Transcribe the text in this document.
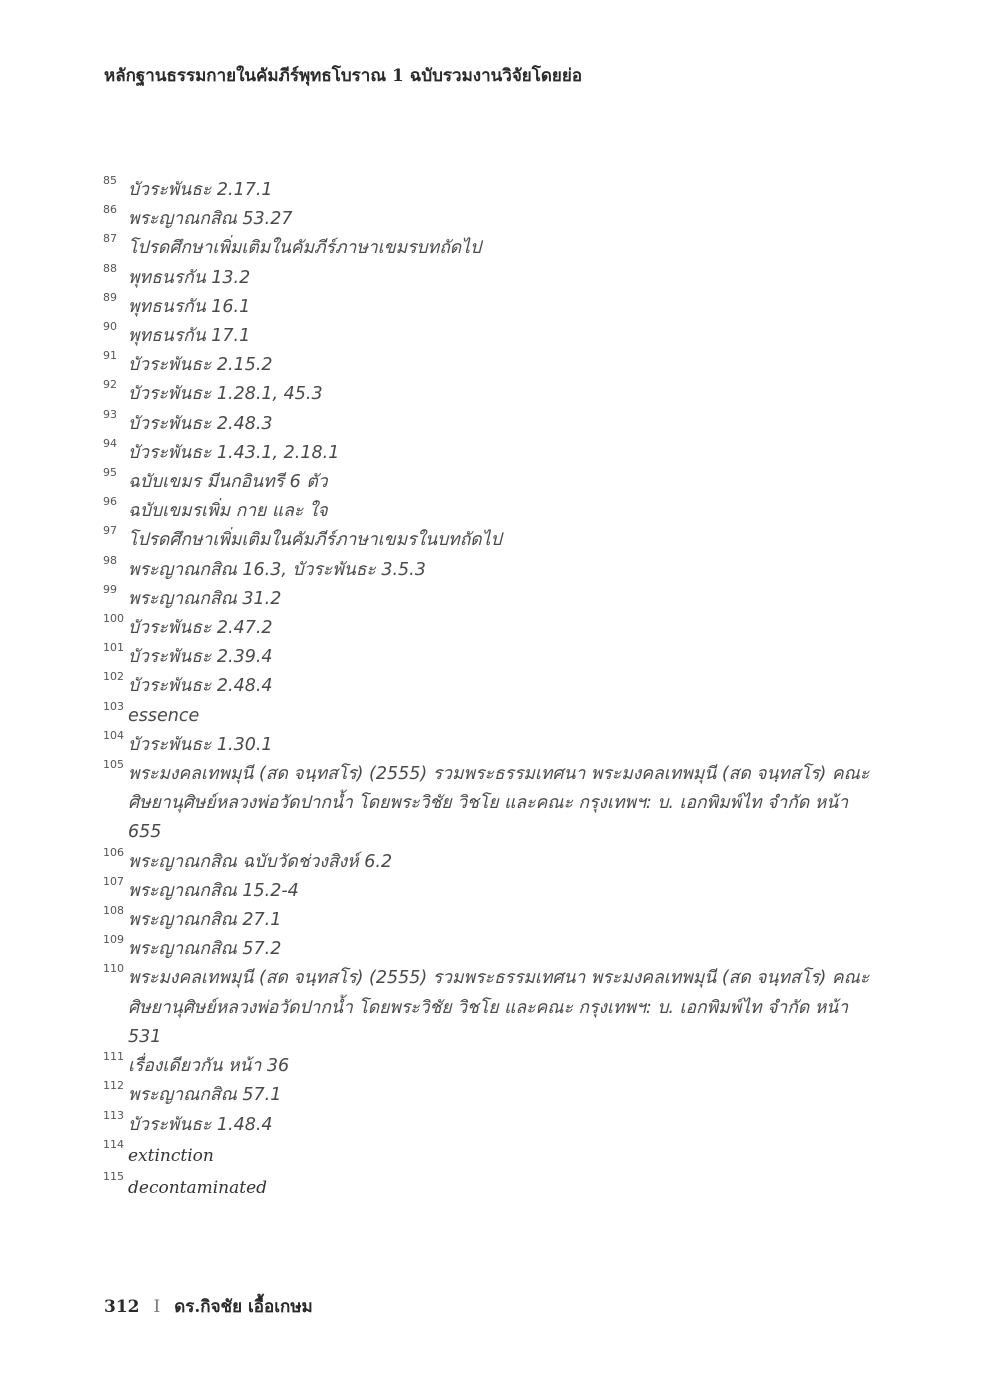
หลักฐานธรรมกายในคัมภีร์พุทธโบราณ 1 ฉบับรวมงานวิจัยโดยย่อ
85 บัวระพันธะ 2.17.1
86 พระญาณกสิณ 53.27
87 โปรดศึกษาเพิ่มเติมในคัมภีร์ภาษาเขมรบทถัดไป
88 พุทธนรกัน 13.2
89 พุทธนรกัน 16.1
90 พุทธนรกัน 17.1
91 บัวระพันธะ 2.15.2
92 บัวระพันธะ 1.28.1, 45.3
93 บัวระพันธะ 2.48.3
94 บัวระพันธะ 1.43.1, 2.18.1
95 ฉบับเขมร มีนกอินทรี 6 ตัว
96 ฉบับเขมรเพิ่ม กาย และ ใจ
97 โปรดศึกษาเพิ่มเติมในคัมภีร์ภาษาเขมรในบทถัดไป
98 พระญาณกสิณ 16.3, บัวระพันธะ 3.5.3
99 พระญาณกสิณ 31.2
100 บัวระพันธะ 2.47.2
101 บัวระพันธะ 2.39.4
102 บัวระพันธะ 2.48.4
103 essence
104 บัวระพันธะ 1.30.1
105 พระมงคลเทพมุนี (สด จนฺทสโร) (2555) รวมพระธรรมเทศนา พระมงคลเทพมุนี (สด จนฺทสโร) คณะศิษยานุศิษย์หลวงพ่อวัดปากน้ำ โดยพระวิชัย วิชโย และคณะ กรุงเทพฯ: บ. เอกพิมพ์ไท จำกัด หน้า 655
106 พระญาณกสิณ ฉบับวัดช่วงสิงห์ 6.2
107 พระญาณกสิณ 15.2-4
108 พระญาณกสิณ 27.1
109 พระญาณกสิณ 57.2
110 พระมงคลเทพมุนี (สด จนฺทสโร) (2555) รวมพระธรรมเทศนา พระมงคลเทพมุนี (สด จนฺทสโร) คณะศิษยานุศิษย์หลวงพ่อวัดปากน้ำ โดยพระวิชัย วิชโย และคณะ กรุงเทพฯ: บ. เอกพิมพ์ไท จำกัด หน้า 531
111 เรื่องเดียวกัน หน้า 36
112 พระญาณกสิณ 57.1
113 บัวระพันธะ 1.48.4
114
extinction
115
decontaminated
312 I ดร.กิจชัย เอื้อเกษม
